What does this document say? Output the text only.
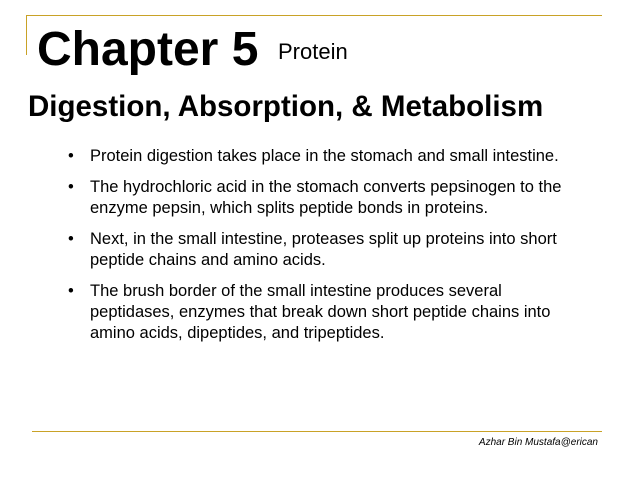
Chapter 5 Protein
Digestion, Absorption, & Metabolism
• Protein digestion takes place in the stomach and small intestine.
• The hydrochloric acid in the stomach converts pepsinogen to the enzyme pepsin, which splits peptide bonds in proteins.
• Next, in the small intestine, proteases split up proteins into short peptide chains and amino acids.
• The brush border of the small intestine produces several peptidases, enzymes that break down short peptide chains into amino acids, dipeptides, and tripeptides.
Azhar Bin Mustafa@erican
